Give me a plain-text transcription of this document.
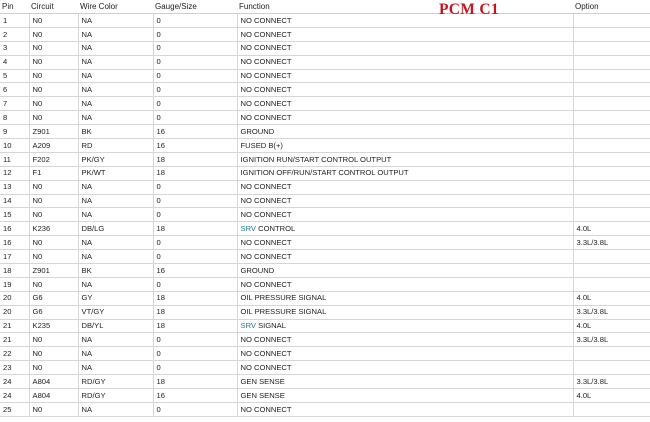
PCM C1
Pin	Circuit	Wire Color	Gauge/Size	Function	Option
1	N0	NA	0	NO CONNECT	
2	N0	NA	0	NO CONNECT	
3	N0	NA	0	NO CONNECT	
4	N0	NA	0	NO CONNECT	
5	N0	NA	0	NO CONNECT	
6	N0	NA	0	NO CONNECT	
7	N0	NA	0	NO CONNECT	
8	N0	NA	0	NO CONNECT	
9	Z901	BK	16	GROUND	
10	A209	RD	16	FUSED B(+)	
11	F202	PK/GY	18	IGNITION RUN/START CONTROL OUTPUT	
12	F1	PK/WT	18	IGNITION OFF/RUN/START CONTROL OUTPUT	
13	N0	NA	0	NO CONNECT	
14	N0	NA	0	NO CONNECT	
15	N0	NA	0	NO CONNECT	
16	K236	DB/LG	18	SRV CONTROL	4.0L
16	N0	NA	0	NO CONNECT	3.3L/3.8L
17	N0	NA	0	NO CONNECT	
18	Z901	BK	16	GROUND	
19	N0	NA	0	NO CONNECT	
20	G6	GY	18	OIL PRESSURE SIGNAL	4.0L
20	G6	VT/GY	18	OIL PRESSURE SIGNAL	3.3L/3.8L
21	K235	DB/YL	18	SRV SIGNAL	4.0L
21	N0	NA	0	NO CONNECT	3.3L/3.8L
22	N0	NA	0	NO CONNECT	
23	N0	NA	0	NO CONNECT	
24	A804	RD/GY	18	GEN SENSE	3.3L/3.8L
24	A804	RD/GY	16	GEN SENSE	4.0L
25	N0	NA	0	NO CONNECT	
